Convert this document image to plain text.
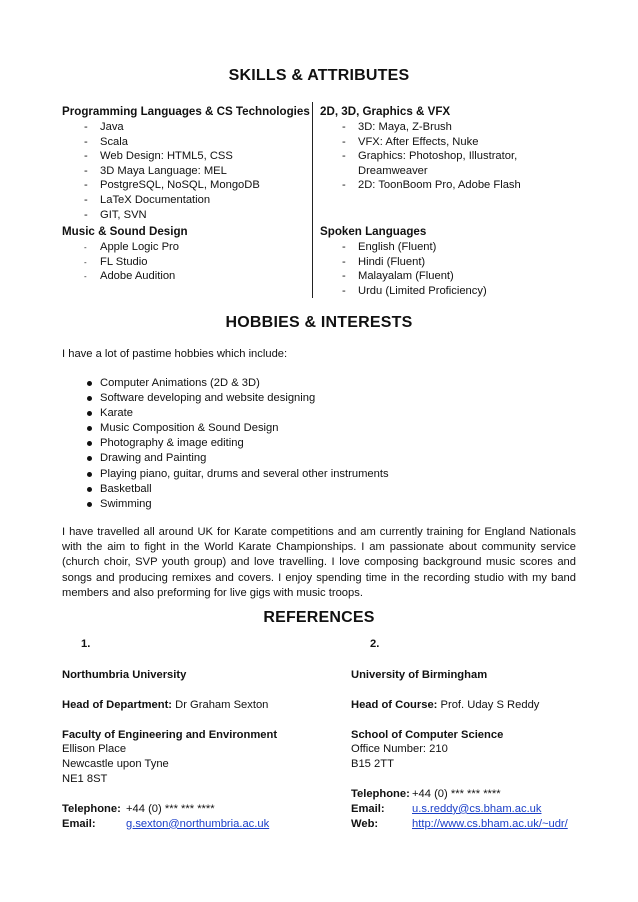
SKILLS & ATTRIBUTES
Programming Languages & CS Technologies
- Java
- Scala
- Web Design: HTML5, CSS
- 3D Maya Language: MEL
- PostgreSQL, NoSQL, MongoDB
- LaTeX Documentation
- GIT, SVN
2D, 3D, Graphics & VFX
- 3D: Maya, Z-Brush
- VFX: After Effects, Nuke
- Graphics: Photoshop, Illustrator,
Dreamweaver
- 2D: ToonBoom Pro, Adobe Flash
Music & Sound Design
- Apple Logic Pro
- FL Studio
- Adobe Audition
Spoken Languages
- English (Fluent)
- Hindi (Fluent)
- Malayalam (Fluent)
- Urdu (Limited Proficiency)
HOBBIES & INTERESTS
I have a lot of pastime hobbies which include:
Computer Animations (2D & 3D)
Software developing and website designing
Karate
Music Composition & Sound Design
Photography & image editing
Drawing and Painting
Playing piano, guitar, drums and several other instruments
Basketball
Swimming
I have travelled all around UK for Karate competitions and am currently training for England Nationals with the aim to fight in the World Karate Championships. I am passionate about community service (church choir, SVP youth group) and love travelling. I love composing background music scores and songs and producing remixes and covers. I enjoy spending time in the recording studio with my band members and also preforming for live gigs with music troops.
REFERENCES
1.	2.
Northumbria University
Head of Department: Dr Graham Sexton
Faculty of Engineering and Environment
Ellison Place
Newcastle upon Tyne
NE1 8ST
Telephone: +44 (0) *** *** ****
Email:	g.sexton@northumbria.ac.uk
University of Birmingham
Head of Course: Prof. Uday S Reddy
School of Computer Science
Office Number: 210
B15 2TT
Telephone: +44 (0) *** *** ****
Email:	u.s.reddy@cs.bham.ac.uk
Web:	http://www.cs.bham.ac.uk/~udr/
